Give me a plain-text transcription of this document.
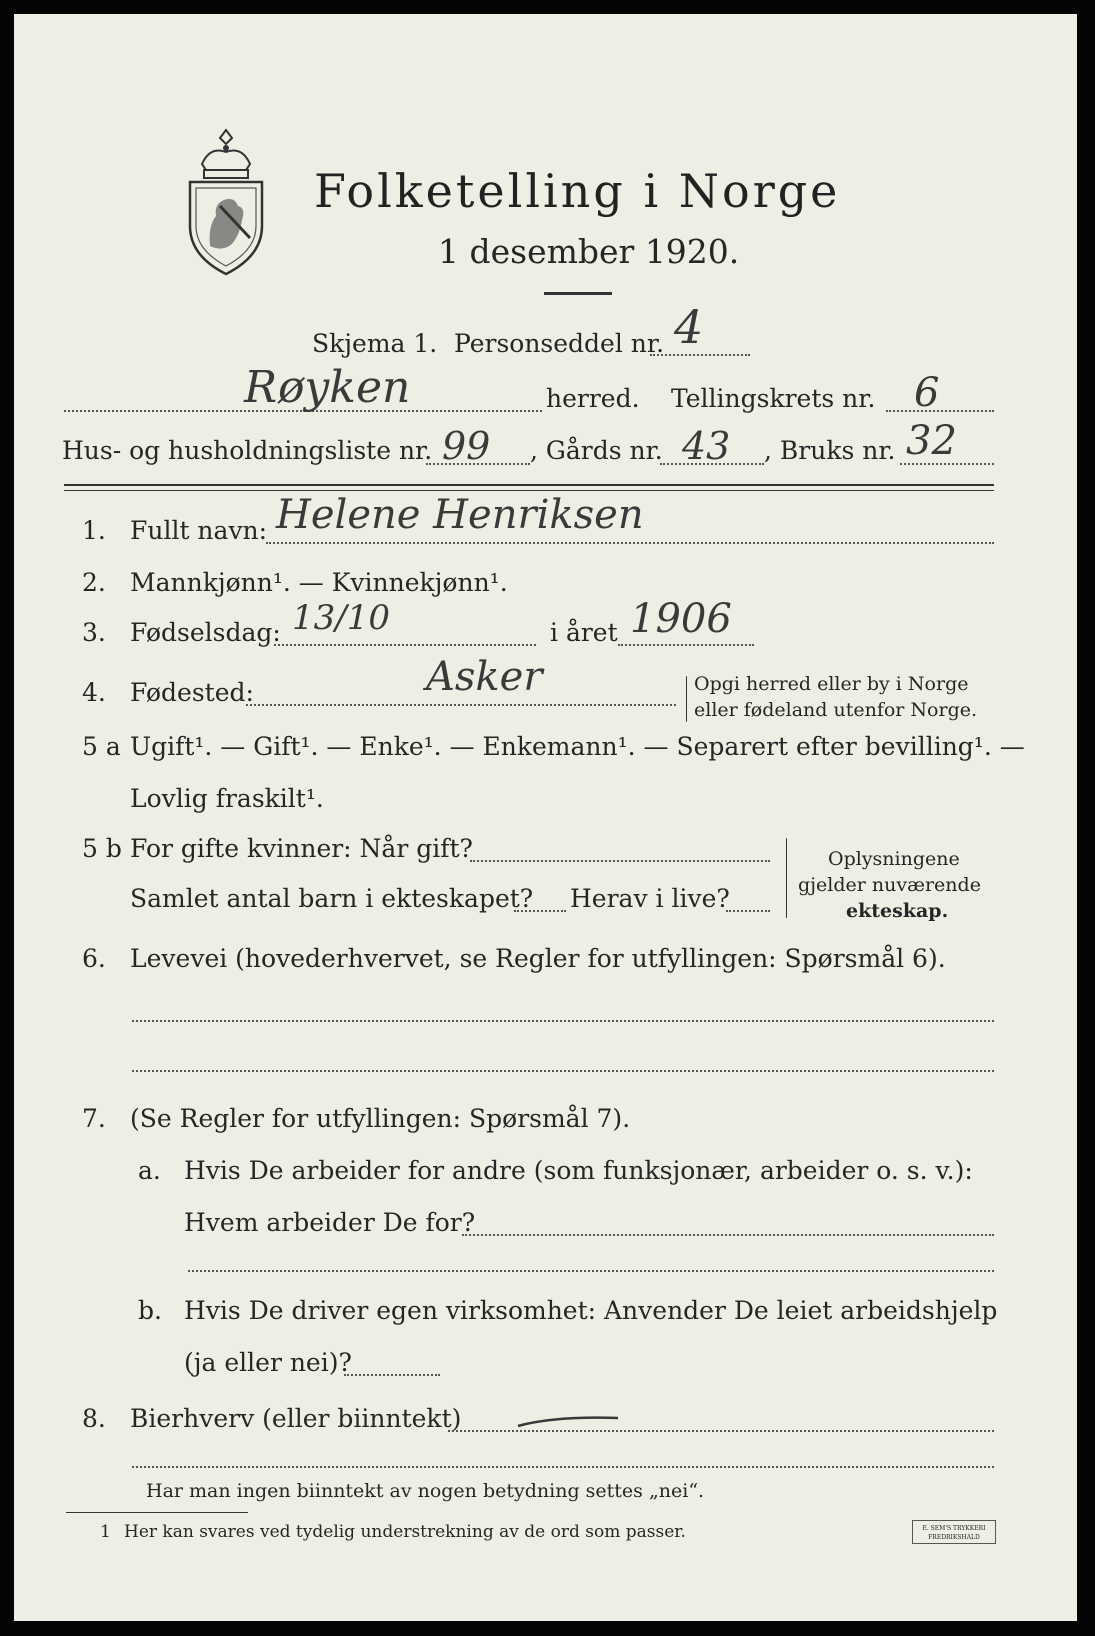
Folketelling i Norge
1 desember 1920.
Skjema 1. Personseddel nr. 4
Røyken	herred. Tellingskrets nr. 6
Hus- og husholdningsliste nr. 99 , Gårds nr. 43 , Bruks nr. 32
1. Fullt navn: Helene Henriksen
2. Mannkjønn¹. — Kvinnekjønn¹.
3. Fødselsdag: 13/10	i året 1906
4. Fødested:	Asker	Opgi herred eller by i Norge
eller fødeland utenfor Norge.
5 a Ugift¹. — Gift¹. — Enke¹. — Enkemann¹. — Separert efter bevilling¹. —
Lovlig fraskilt¹.
5 b For gifte kvinner: Når gift?
Samlet antal barn i ekteskapet? Herav i live?
Oplysningene
gjelder nuværende
ekteskap.
6. Levevei (hovederhvervet, se Regler for utfyllingen: Spørsmål 6).
7. (Se Regler for utfyllingen: Spørsmål 7).
a. Hvis De arbeider for andre (som funksjonær, arbeider o. s. v.):
Hvem arbeider De for?
b. Hvis De driver egen virksomhet: Anvender De leiet arbeidshjelp
(ja eller nei)?
8. Bierhverv (eller biinntekt)
Har man ingen biinntekt av nogen betydning settes „nei“.
1 Her kan svares ved tydelig understrekning av de ord som passer.	E. SEM'S TRYKKERI
FREDRIKSHALD
